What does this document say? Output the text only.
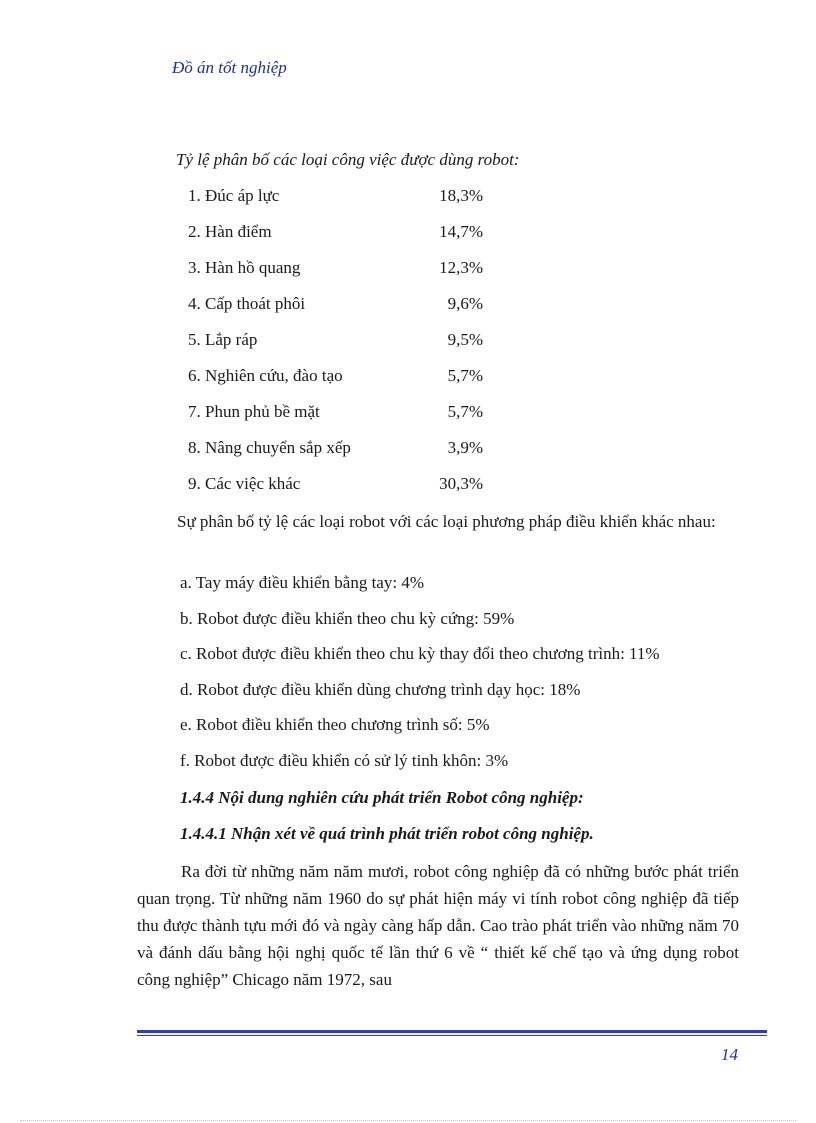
Đồ án tốt nghiệp
Tỷ lệ phân bố các loại công việc được dùng robot:
1. Đúc áp lực	18,3%
2. Hàn điểm	14,7%
3. Hàn hồ quang	12,3%
4. Cấp thoát phôi	9,6%
5. Lắp ráp	9,5%
6. Nghiên cứu, đào tạo	5,7%
7. Phun phủ bề mặt	5,7%
8. Nâng chuyển sắp xếp	3,9%
9. Các việc khác	30,3%
Sự phân bố tỷ lệ các loại robot với các loại phương pháp điều khiển khác nhau:
a. Tay máy điều khiển bằng tay: 4%
b. Robot được điều khiển theo chu kỳ cứng: 59%
c. Robot được điều khiển theo chu kỳ thay đổi theo chương trình: 11%
d. Robot được điều khiển dùng chương trình dạy học: 18%
e. Robot điều khiển theo chương trình số: 5%
f. Robot được điều khiển có sử lý tinh khôn: 3%
1.4.4 Nội dung nghiên cứu phát triển Robot công nghiệp:
1.4.4.1 Nhận xét về quá trình phát triển robot công nghiệp.
Ra đời từ những năm năm mươi, robot công nghiệp đã có những bước phát triển quan trọng. Từ những năm 1960 do sự phát hiện máy vi tính robot công nghiệp đã tiếp thu được thành tựu mới đó và ngày càng hấp dẫn. Cao trào phát triển vào những năm 70 và đánh dấu bằng hội nghị quốc tế lần thứ 6 về “ thiết kế chế tạo và ứng dụng robot công nghiệp” Chicago năm 1972, sau
14
